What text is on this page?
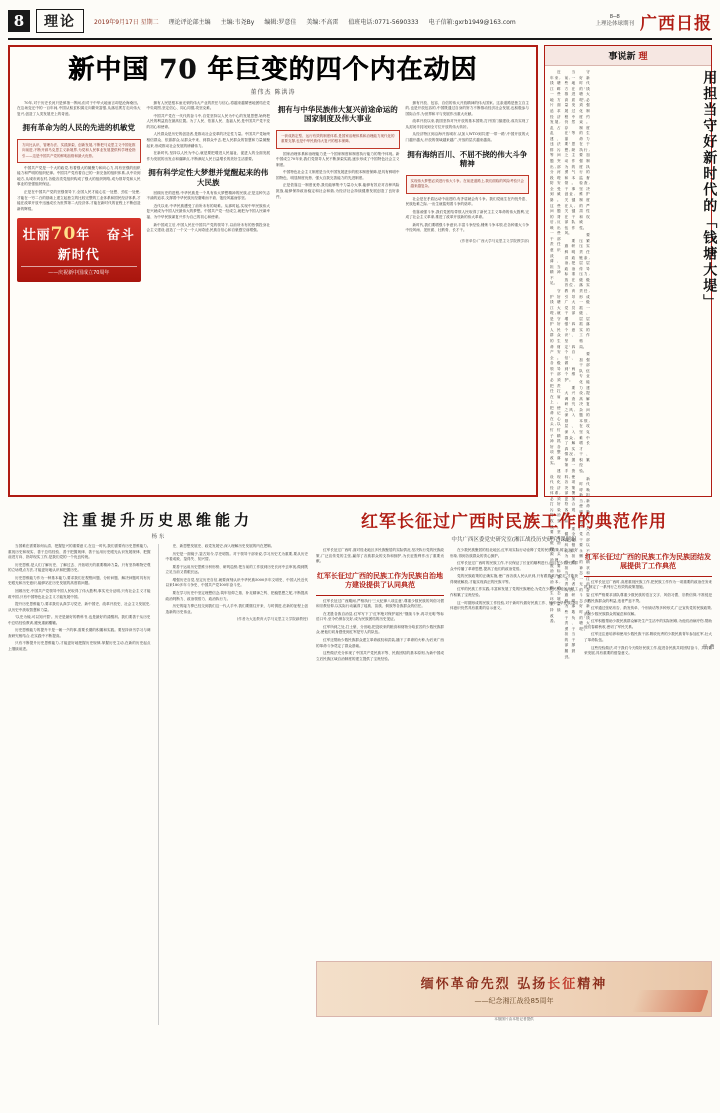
8	理论	2019年9月17日 星期二 理论评论部主编 主编:韦尧By 编辑:罗意佳 美编:不高雷 值班电话:0771-5690333 电子信箱:gxrb1949@163.com
8─8
上理论体球期刊 广西日报
新中国 70 年巨变的四个内在动因
董伟杰 陈洪涛

70年,对于历史长河只是弹指一挥间,但对于中华大地而言却是沧海桑田。在这场变迁中的一百年间,中国从积贫积弱走向繁荣富强,从落后挨打走向伟大复兴,创造了人类发展史上的奇迹。

拥有革命为的人民的先进的机敏党
方向比认识、管理办法、实践探索、创新发展,不断把马克思主义中国化推向前进,不断开辟马克思主义新境界,为党和人民事业发展提供科学理论指引——这是中国共产党的鲜明品格和最大优势。

中国共产党是一个大的政党,有着强大的凝聚力和向心力,具有坚强的组织能力和严明的组织纪律。中国共产党有着自己的一套完备的组织体系,从中央到地方,从城市到农村,各级各类党组织构成了强大的组织网络,成为领导党和人民事业的坚强组织保证。

正是在中国共产党的坚强领导下,全国人民才能心往一处想、劲往一处使,才能在一穷二白的基础上建立起独立的比较完整的工业体系和国民经济体系,才能在改革开放中迅速成长为世界第二大经济体,才能在新时代的征程上不断创造新的辉煌。

壮丽70年 奋斗新时代
——庆祝新中国成立70周年

拥有人民是根本而光荣的伟大产业的责任与信心,将越来越紧密地团结在党中央周围,坚定信心、同心同德,攻坚克难。

中国共产党在一代代的奋斗中,自觉坚持以人民为中心的发展思想,始终把人民的利益放在最高位置。为了人民、依靠人民、造福人民,是中国共产党不变的初心和使命。

人民群众是历史的创造者,是推动社会变革的决定性力量。中国共产党始终相信群众、依靠群众,从群众中来、到群众中去,把人民群众的智慧和力量凝聚起来,形成推动社会发展的磅礴伟力。

在新时代,坚持以人民为中心,就是要把增进人民福祉、促进人的全面发展作为发展的出发点和落脚点,不断满足人民日益增长的美好生活需要。

拥有科学定性大梦想并觉醒起来的伟大民族

回顾历史的进程,中华民族是一个具有伟大梦想精神的民族,正是这种矢志不渝的追求,支撑着中华民族历经磨难而不衰、饱经风霜而弥坚。

近代以来,中华民族遭受了前所未有的劫难。从那时起,实现中华民族伟大复兴就成为中国人民最伟大的梦想。中国共产党一经成立,就把为中国人民谋幸福、为中华民族谋复兴作为自己的初心和使命。

新中国成立后,中国人民在中国共产党的领导下,以前所未有的热情投身社会主义建设,创造了一个又一个人间奇迹,民族自信心和自豪感空前增强。

拥有与中华民族伟大复兴前途命运的国家制度及伟大事业
一套成熟定型、运行有效的制度体系,是国家治理体系和治理能力现代化的重要支撑,也是中华民族伟大复兴的根本保障。

国家治理体系和治理能力是一个国家制度和制度执行能力的集中体现。新中国成立70年来,我们党领导人民不断探索实践,逐步形成了中国特色社会主义制度。

中国特色社会主义制度是当代中国发展进步的根本制度保障,是具有鲜明中国特色、明显制度优势、强大自我完善能力的先进制度。

正是依靠这一制度优势,我们能够集中力量办大事,能够有效应对各种风险挑战,能够保持政治稳定和社会和谐,为经济社会持续健康发展创造了良好条件。

拥有开放、包容、自信的伟大开放精神的伟大国家。这条道路是独立自主的,也是开放包容的,中国既通过自身的努力不断推动经济社会发展,也积极参与国际合作,为世界和平与发展作出重大贡献。

改革开放以来,我国坚持对外开放的基本国策,打开国门搞建设,成功实现了从封闭半封闭到全方位开放的伟大转折。

从经济特区到沿海开放城市,从加入WTO到共建'一带一路',中国开放的大门越开越大,开放的领域越来越广,开放的层次越来越高。

拥有海纳百川、不屈不挠的伟大斗争精神
实现伟大梦想必须进行伟大斗争。在前进道路上,我们面临的风险考验只会越来越复杂。

社会是在矛盾运动中前进的,有矛盾就会有斗争。我们党诞生在内忧外患、民族危难之际,一出生就铭刻着斗争的烙印。

依靠顽强斗争,我们党团结带领人民取得了新民主主义革命的伟大胜利,完成了社会主义革命,推进了改革开放新的伟大革命。

新时代,我们要增强斗争意识,丰富斗争经验,锤炼斗争本领,在各种重大斗争中经风雨、见世面、壮筋骨、长才干。

(作者单位:广西大学马克思主义学院教学部)
事说新 理

近年来,钱塘江畔一些地方片面追求经济发展,乱占乱建、违法排污等问题突出,部分河段堤防安全受到威胁。这些问题的背后,反映出一些干部责任意识淡薄、担当精神不足。

守护好钱塘江大堤,就是守护好人民群众的生命财产安全。各级领导干部必须把责任扛在肩上、把使命记在心头,以钉钉子精神抓好各项整改落实。

建设现代化经济体系,必须打好污染防治攻坚战。要坚持系统治理、源头治理,既要治标更要治本,推动生态环境质量持续改善。

当前,一些地方在推进高质量发展过程中仍然存在'等靠要'思想,缺乏主动作为的勇气和本领。干事创业,关键在人,关键在干部队伍作风。

要旗帜鲜明讲政治,把政治标准放在首位,教育引导广大党员干部增强'四个意识'、坚定'四个自信'、做到'两个维护'。

要大兴调查研究之风,深入基层、深入群众,了解真实情况,掌握第一手资料,使各项决策部署更加符合客观实际。

要健全容错纠错机制,为担当者担当、为负责者负责,旗帜鲜明为那些敢于负责、勇于担当的干部撑腰鼓劲。

守好新时代的'钱塘大堤',必须强化制度约束。制度的生命力在于执行,要加强制度执行的监督检查,坚决维护制度的严肃性和权威性。

要压紧压实责任链条,层层传导压力,级级落实责任,形成一级抓一级、层层抓落实的工作格局。

要加强干部队伍专业化能力建设,提高解决复杂问题的本领,在攻坚克难中增长才干、积累经验。

新时代呼唤新担当,新使命呼唤新作为。广大党员干部要以永不懈怠的精神状态和一往无前的奋斗姿态,守好新时代的'钱塘大堤'。

用担当守好新时代的「钱塘大堤」
费 平
注重提升历史思维能力
杨 东

当国难在需要如何认清、把握复兴的重要意义,在这一时代,我们需要有历史思维能力。重视历史和现实、善于总结经验、善于把握规律、善于运用历史眼光认识发展规律、把握前进方向、指导现实工作,是我们党的一个优良传统。

历史思维,是人们了解历史、了解过去、开拓明天的重要精神力量。只有坚持唯物史观的立场观点方法,才能更好地认识和把握历史。

历史思维能力作为一种基本能力,要求我们在观察问题、分析问题、解决问题时具有历史眼光和历史意识,能够站在历史发展的高度看问题。

回顾历史,中国共产党领导中国人民取得了伟大胜利,事实充分证明,只有社会主义才能救中国,只有中国特色社会主义才能发展中国。

提升历史思维能力,要求我们认真学习党史、新中国史、改革开放史、社会主义发展史,从历史中汲取智慧和力量。

'以史为镜,可以知兴替'。历史是最好的教科书,也是最好的清醒剂。我们要善于从历史中总结经验教训,避免重蹈覆辙。

历史思维能力的提升不是一朝一夕的事,需要长期的积累和实践。要坚持读书学习与调查研究相结合,在实践中不断提高。

只有不断提升历史思维能力,才能更好地把握历史规律,掌握历史主动,在新的历史起点上继续前进。

史、新思想发展史、政党发展史,深入理解历史发展的内在逻辑。

历史是一面镜子,鉴古知今,学史明智。对于领导干部来说,学习历史尤为重要,要从历史中看成败、鉴得失、知兴替。

要善于运用历史思维分析形势、研判趋势,把当前的工作放到历史长河中去审视,做到既立足当前又着眼长远。

增强历史自觉,坚定历史自信,就要深刻认识中华民族5000多年文明史、中国人民近代以来180多年斗争史、中国共产党100年奋斗史。

要在学习历史中坚定理想信念,筑牢信仰之基、补足精神之钙、把稳思想之舵,不断提高政治判断力、政治领悟力、政治执行力。

历史的接力棒已经交到我们这一代人手中,我们要继往开来、与时俱进,在新的征程上创造新的历史伟业。

(作者为大连教育大学马克思主义学院副教授)

红军长征过广西时民族工作的典范作用
中共广西区委党史研究室(湘江战役历史研究)课题组

红军长征过广西时,面对桂北地区多民族聚居的实际情况,坚决执行党的民族政策,广泛宣传党的主张,赢得了各族群众的支持和拥护,为长征胜利作出了重要贡献。

红军长征过广西的民族工作为民族自治地方建设提供了认同典范

红军长征过广西期间,严格执行'三大纪律八项注意',尊重少数民族的风俗习惯和宗教信仰,以实际行动赢得了瑶族、苗族、侗族等各族群众的信任。

在龙胜各族自治县,红军写下了'红军绝对保护瑶民''继续斗争,再寻光明'等标语口号,至今仍保存完好,成为民族团结的历史见证。

红军所到之处,打土豪、分田地,把没收来的粮食和财物分给贫苦的少数民族群众,使他们切身感受到红军是穷人的队伍。

红军还帮助少数民族群众建立革命政权和武装,播下了革命的火种,为后来广西的革命斗争奠定了群众基础。

这些做法充分体现了中国共产党民族平等、民族团结的基本原则,为新中国成立后民族区域自治制度的建立提供了宝贵经验。

在少数民族聚居的桂北地区,红军用实际行动诠释了党的民族政策,树立了良好形象,得到各族群众的衷心拥护。

红军长征过广西时的民族工作,不仅保证了长征的顺利进行,而且在少数民族群众中传播了革命思想,提高了他们的政治觉悟。

党的民族政策的正确实施,使广西各族人民认识到,只有跟着共产党走,才能获得彻底解放,才能实现真正的民族平等。

红军的民族工作实践,丰富和发展了党的民族理论,为党在少数民族地区开展工作积累了宝贵经验。

这一时期形成的民族工作经验,对于新时代做好民族工作、铸牢中华民族共同体意识仍然具有重要的启示意义。

红军长征过广西的民族工作为民族团结发展提供了工作典范

红军长征过广西时,高度重视民族工作,把民族工作作为一项重要的政治任务来抓,制定了一系列行之有效的政策措施。

红军严格要求部队尊重少数民族的语言文字、风俗习惯、宗教信仰,不准侵犯少数民族群众的利益,违者严惩不贷。

红军通过张贴布告、散发传单、个别谈话等多种形式,广泛宣传党的民族政策,消除少数民族群众的疑虑和误解。

红军积极帮助少数民族群众解决生产生活中的实际困难,为他们治病疗伤,帮助他们春耕秋收,密切了军民关系。

红军还注意培养和使用少数民族干部,吸收优秀的少数民族青年参加红军,壮大了革命队伍。

这些经验做法,对于我们今天做好民族工作,促进各民族共同团结奋斗、共同繁荣发展,具有重要的借鉴意义。

缅怀革命先烈 弘扬长征精神
——纪念湘江战役85周年
本版图片由本报记者提供
